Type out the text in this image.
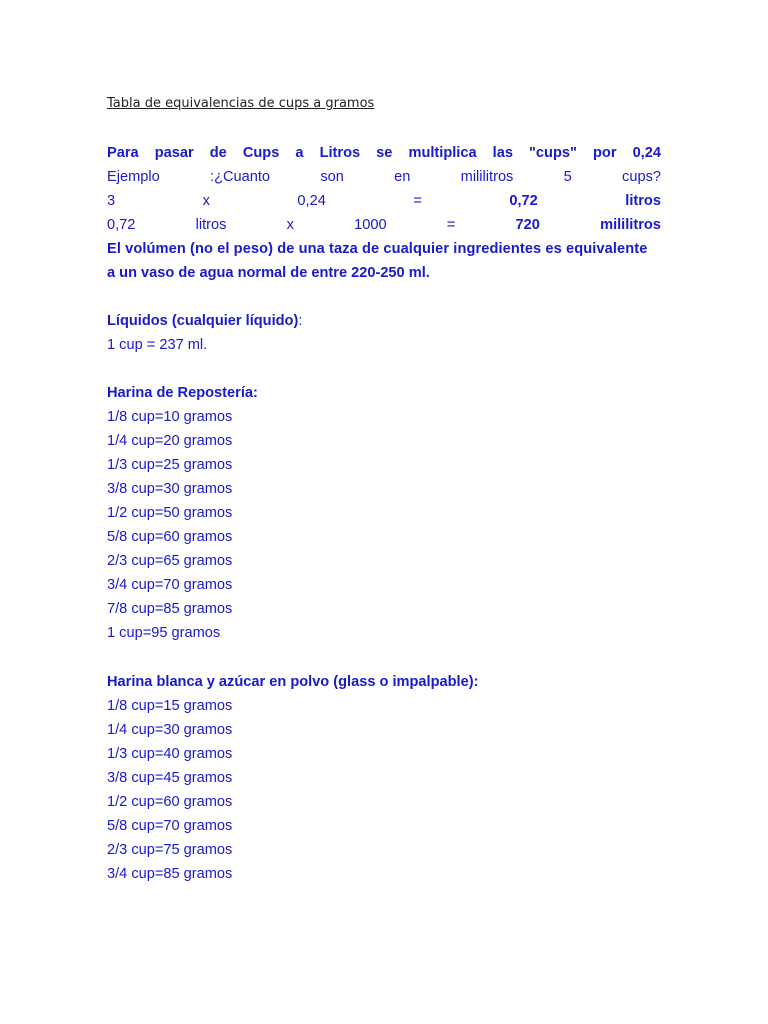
Tabla de equivalencias de cups a gramos
Para pasar de Cups a Litros se multiplica las "cups" por 0,24
Ejemplo	:¿Cuanto	son	en	mililitros	5	cups?
3	x	0,24	=	0,72	litros
0,72	litros	x	1000	=	720	mililitros
El volúmen (no el peso) de una taza de cualquier ingredientes es equivalente
a un vaso de agua normal de entre 220-250 ml.
Líquidos (cualquier líquido):
1 cup = 237 ml.
Harina de Repostería:
1/8 cup=10 gramos
1/4 cup=20 gramos
1/3 cup=25 gramos
3/8 cup=30 gramos
1/2 cup=50 gramos
5/8 cup=60 gramos
2/3 cup=65 gramos
3/4 cup=70 gramos
7/8 cup=85 gramos
1 cup=95 gramos
Harina blanca y azúcar en polvo (glass o impalpable):
1/8 cup=15 gramos
1/4 cup=30 gramos
1/3 cup=40 gramos
3/8 cup=45 gramos
1/2 cup=60 gramos
5/8 cup=70 gramos
2/3 cup=75 gramos
3/4 cup=85 gramos
